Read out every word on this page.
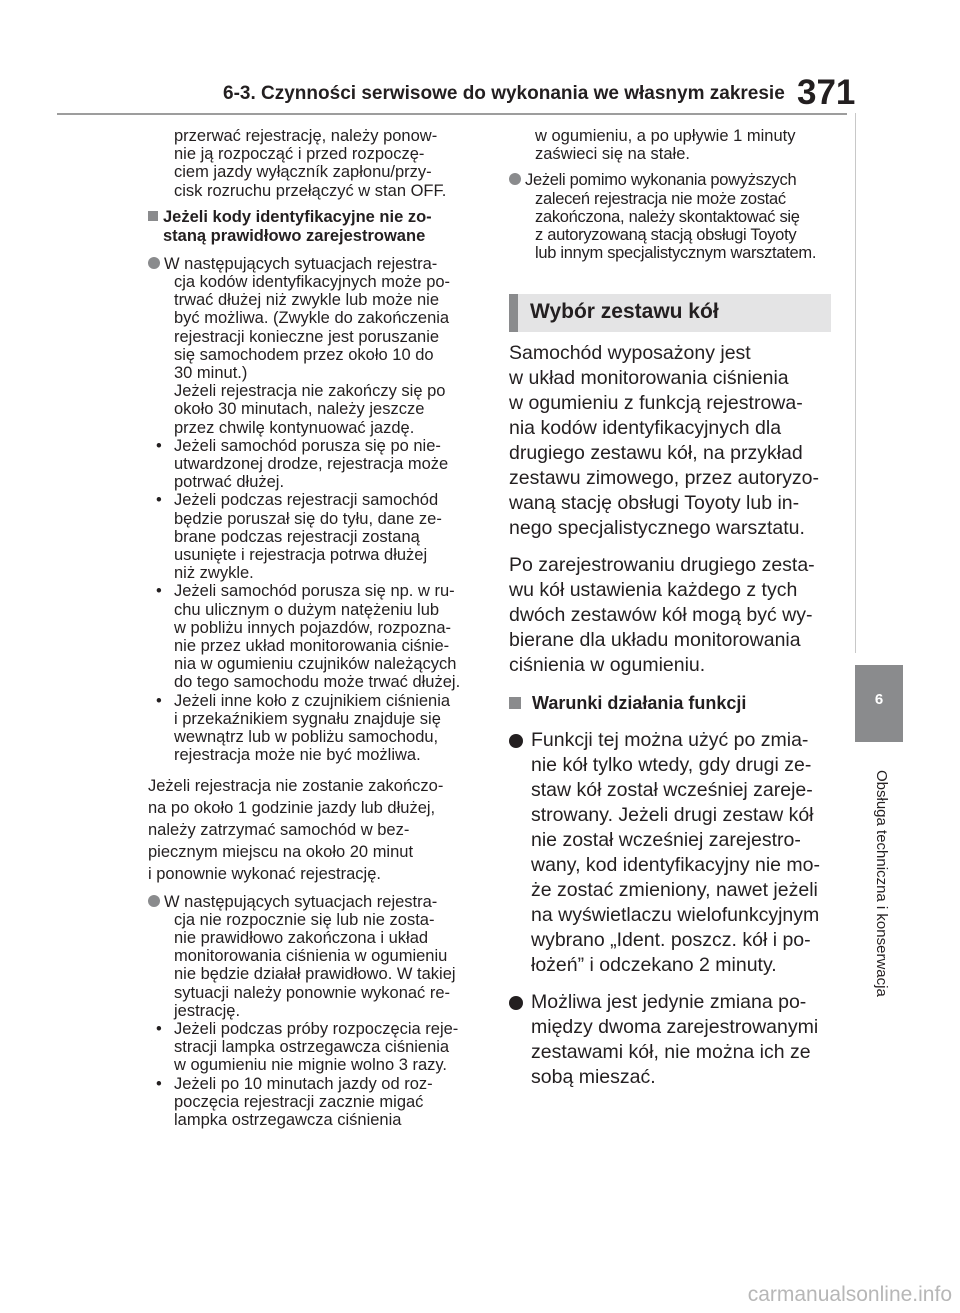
6-3. Czynności serwisowe do wykonania we własnym zakresie 371
6
Obsługa techniczna i konserwacja

przerwać rejestrację, należy ponow-

nie ją rozpocząć i przed rozpoczę-

ciem jazdy wyłączník zapłonu/przy-

cisk rozruchu przełączyć w stan OFF.

Jeżeli kody identyfikacyjne nie zo-

staną prawidłowo zarejestrowane

W następujących sytuacjach rejestra-

cja kodów identyfikacyjnych może po-

trwać dłużej niż zwykle lub może nie

być możliwa. (Zwykle do zakończenia

rejestracji konieczne jest poruszanie

się samochodem przez około 10 do

30 minut.)

Jeżeli rejestracja nie zakończy się po

około 30 minutach, należy jeszcze

przez chwilę kontynuować jazdę.

• Jeżeli samochód porusza się po nie-

utwardzonej drodze, rejestracja może

potrwać dłużej.

• Jeżeli podczas rejestracji samochód

będzie poruszał się do tyłu, dane ze-

brane podczas rejestracji zostaną

usunięte i rejestracja potrwa dłużej

niż zwykle.

• Jeżeli samochód porusza się np. w ru-

chu ulicznym o dużym natężeniu lub

w pobliżu innych pojazdów, rozpozna-

nie przez układ monitorowania ciśnie-

nia w ogumieniu czujników należących

do tego samochodu może trwać dłużej.

• Jeżeli inne koło z czujnikiem ciśnienia

i przekaźnikiem sygnału znajduje się

wewnątrz lub w pobliżu samochodu,

rejestracja może nie być możliwa.

Jeżeli rejestracja nie zostanie zakończo-

na po około 1 godzinie jazdy lub dłużej,

należy zatrzymać samochód w bez-

piecznym miejscu na około 20 minut

i ponownie wykonać rejestrację.

W następujących sytuacjach rejestra-

cja nie rozpocznie się lub nie zosta-

nie prawidłowo zakończona i układ

monitorowania ciśnienia w ogumieniu

nie będzie działał prawidłowo. W takiej

sytuacji należy ponownie wykonać re-

jestrację.

• Jeżeli podczas próby rozpoczęcia reje-

stracji lampka ostrzegawcza ciśnienia

w ogumieniu nie mignie wolno 3 razy.

• Jeżeli po 10 minutach jazdy od roz-

poczęcia rejestracji zacznie migać

lampka ostrzegawcza ciśnienia

w ogumieniu, a po upływie 1 minuty

zaświeci się na stałe.

Jeżeli pomimo wykonania powyższych

zaleceń rejestracja nie może zostać

zakończona, należy skontaktować się

z autoryzowaną stacją obsługi Toyoty

lub innym specjalistycznym warsztatem.

Wybór zestawu kół

Samochód wyposażony jest

w układ monitorowania ciśnienia

w ogumieniu z funkcją rejestrowa-

nia kodów identyfikacyjnych dla

drugiego zestawu kół, na przykład

zestawu zimowego, przez autoryzo-

waną stację obsługi Toyoty lub in-

nego specjalistycznego warsztatu.

Po zarejestrowaniu drugiego zesta-

wu kół ustawienia każdego z tych

dwóch zestawów kół mogą być wy-

bierane dla układu monitorowania

ciśnienia w ogumieniu.

Warunki działania funkcji

Funkcji tej można użyć po zmia-

nie kół tylko wtedy, gdy drugi ze-

staw kół został wcześniej zareje-

strowany. Jeżeli drugi zestaw kół

nie został wcześniej zarejestro-

wany, kod identyfikacyjny nie mo-

że zostać zmieniony, nawet jeżeli

na wyświetlaczu wielofunkcyjnym

wybrano „Ident. poszcz. kół i po-

łożeń” i odczekano 2 minuty.

Możliwa jest jedynie zmiana po-

między dwoma zarejestrowanymi

zestawami kół, nie można ich ze

sobą mieszać.

carmanualsonline.info
